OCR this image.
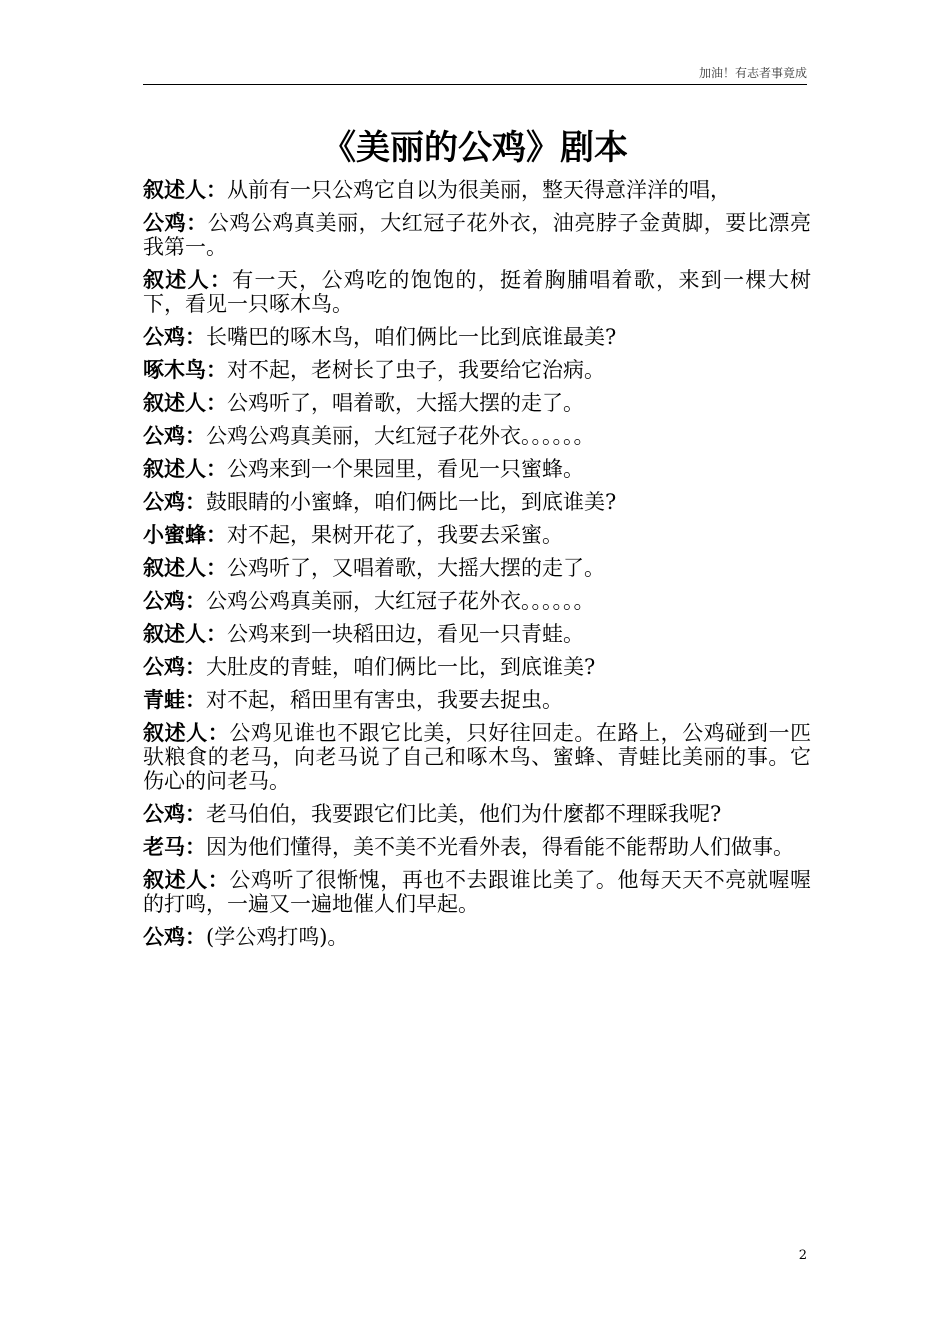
加油！有志者事竟成
《美丽的公鸡》剧本

叙述人：从前有一只公鸡它自以为很美丽，整天得意洋洋的唱，

公鸡：公鸡公鸡真美丽，大红冠子花外衣，油亮脖子金黄脚，要比漂亮我第一。

叙述人：有一天，公鸡吃的饱饱的，挺着胸脯唱着歌，来到一棵大树下，看见一只啄木鸟。

公鸡：长嘴巴的啄木鸟，咱们俩比一比到底谁最美?

啄木鸟：对不起，老树长了虫子，我要给它治病。

叙述人：公鸡听了，唱着歌，大摇大摆的走了。

公鸡：公鸡公鸡真美丽，大红冠子花外衣。。。。。。

叙述人：公鸡来到一个果园里，看见一只蜜蜂。

公鸡：鼓眼睛的小蜜蜂，咱们俩比一比，到底谁美?

小蜜蜂：对不起，果树开花了，我要去采蜜。

叙述人：公鸡听了，又唱着歌，大摇大摆的走了。

公鸡：公鸡公鸡真美丽，大红冠子花外衣。。。。。。

叙述人：公鸡来到一块稻田边，看见一只青蛙。

公鸡：大肚皮的青蛙，咱们俩比一比，到底谁美?

青蛙：对不起，稻田里有害虫，我要去捉虫。

叙述人：公鸡见谁也不跟它比美，只好往回走。在路上，公鸡碰到一匹驮粮食的老马，向老马说了自己和啄木鸟、蜜蜂、青蛙比美丽的事。它伤心的问老马。

公鸡：老马伯伯，我要跟它们比美，他们为什麼都不理睬我呢?

老马：因为他们懂得，美不美不光看外表，得看能不能帮助人们做事。

叙述人：公鸡听了很惭愧，再也不去跟谁比美了。他每天天不亮就喔喔的打鸣，一遍又一遍地催人们早起。

公鸡：(学公鸡打鸣)。

2
